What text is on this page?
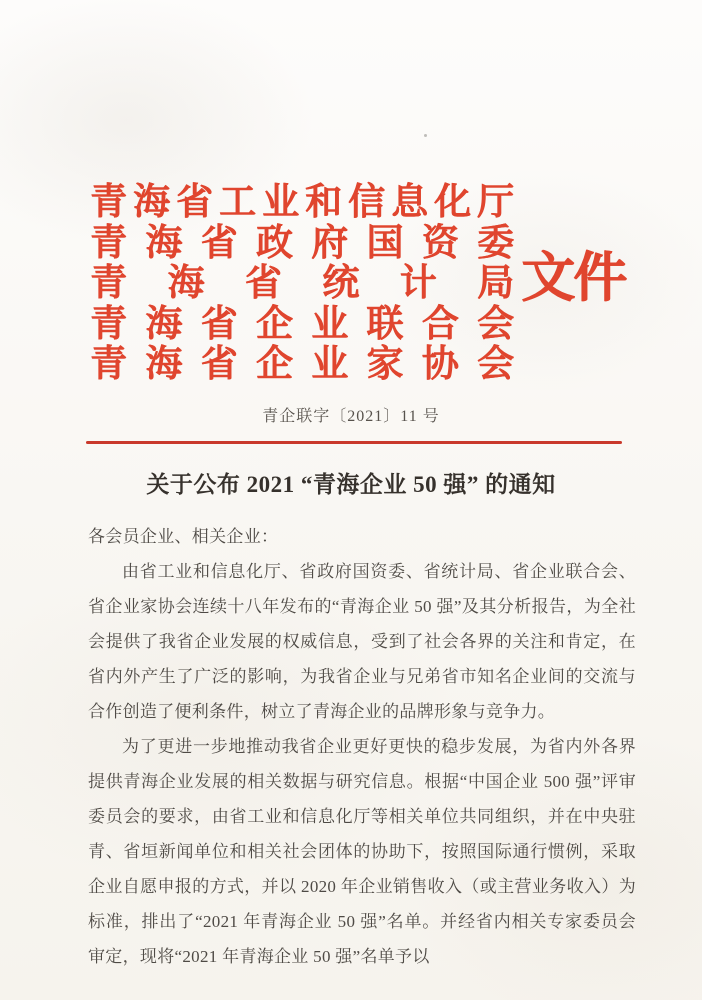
青 海 省 工 业 和 信 息 化 厅
青 海 省 政 府 国 资 委
青 海 省 统 计 局
青 海 省 企 业 联 合 会
青 海 省 企 业 家 协 会
文件
青企联字〔2021〕11 号
关于公布 2021 “青海企业 50 强” 的通知

各会员企业、相关企业：

由省工业和信息化厅、省政府国资委、省统计局、省企业联合会、省企业家协会连续十八年发布的“青海企业 50 强”及其分析报告，为全社会提供了我省企业发展的权威信息，受到了社会各界的关注和肯定，在省内外产生了广泛的影响，为我省企业与兄弟省市知名企业间的交流与合作创造了便利条件，树立了青海企业的品牌形象与竞争力。

为了更进一步地推动我省企业更好更快的稳步发展，为省内外各界提供青海企业发展的相关数据与研究信息。根据“中国企业 500 强”评审委员会的要求，由省工业和信息化厅等相关单位共同组织，并在中央驻青、省垣新闻单位和相关社会团体的协助下，按照国际通行惯例，采取企业自愿申报的方式，并以 2020 年企业销售收入（或主营业务收入）为标准，排出了“2021 年青海企业 50 强”名单。并经省内相关专家委员会审定，现将“2021 年青海企业 50 强”名单予以
